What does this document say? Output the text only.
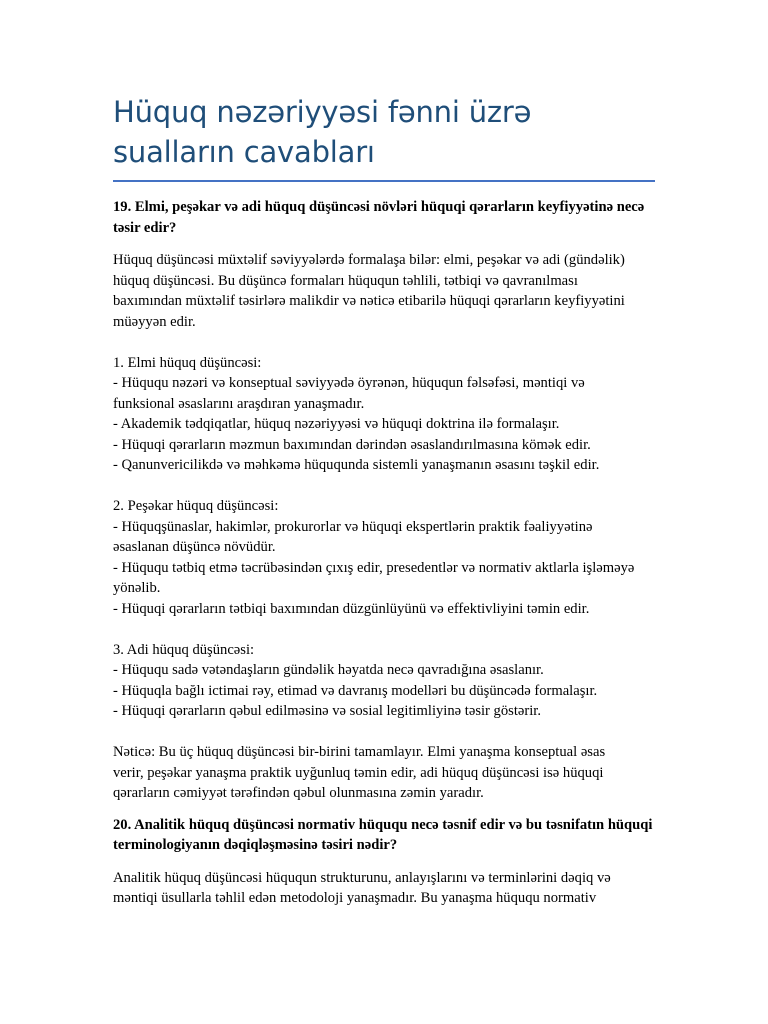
Hüquq nəzəriyyəsi fənni üzrə sualların cavabları
19. Elmi, peşəkar və adi hüquq düşüncəsi növləri hüquqi qərarların keyfiyyətinə necə təsir edir?
Hüquq düşüncəsi müxtəlif səviyyələrdə formalaşa bilər: elmi, peşəkar və adi (gündəlik)
hüquq düşüncəsi. Bu düşüncə formaları hüququn təhlili, tətbiqi və qavranılması
baxımından müxtəlif təsirlərə malikdir və nəticə etibarilə hüquqi qərarların keyfiyyətini
müəyyən edir.
1. Elmi hüquq düşüncəsi:
- Hüququ nəzəri və konseptual səviyyədə öyrənən, hüququn fəlsəfəsi, məntiqi və
funksional əsaslarını araşdıran yanaşmadır.
- Akademik tədqiqatlar, hüquq nəzəriyyəsi və hüquqi doktrina ilə formalaşır.
- Hüquqi qərarların məzmun baxımından dərindən əsaslandırılmasına kömək edir.
- Qanunvericilikdə və məhkəmə hüququnda sistemli yanaşmanın əsasını təşkil edir.
2. Peşəkar hüquq düşüncəsi:
- Hüquqşünaslar, hakimlər, prokurorlar və hüquqi ekspertlərin praktik fəaliyyətinə
əsaslanan düşüncə növüdür.
- Hüququ tətbiq etmə təcrübəsindən çıxış edir, presedentlər və normativ aktlarla işləməyə
yönəlib.
- Hüquqi qərarların tətbiqi baxımından düzgünlüyünü və effektivliyini təmin edir.
3. Adi hüquq düşüncəsi:
- Hüququ sadə vətəndaşların gündəlik həyatda necə qavradığına əsaslanır.
- Hüquqla bağlı ictimai rəy, etimad və davranış modelləri bu düşüncədə formalaşır.
- Hüquqi qərarların qəbul edilməsinə və sosial legitimliyinə təsir göstərir.
Nəticə: Bu üç hüquq düşüncəsi bir-birini tamamlayır. Elmi yanaşma konseptual əsas
verir, peşəkar yanaşma praktik uyğunluq təmin edir, adi hüquq düşüncəsi isə hüquqi
qərarların cəmiyyət tərəfindən qəbul olunmasına zəmin yaradır.
20. Analitik hüquq düşüncəsi normativ hüququ necə təsnif edir və bu təsnifatın hüquqi terminologiyanın dəqiqləşməsinə təsiri nədir?
Analitik hüquq düşüncəsi hüququn strukturunu, anlayışlarını və terminlərini dəqiq və
məntiqi üsullarla təhlil edən metodoloji yanaşmadır. Bu yanaşma hüququ normativ
